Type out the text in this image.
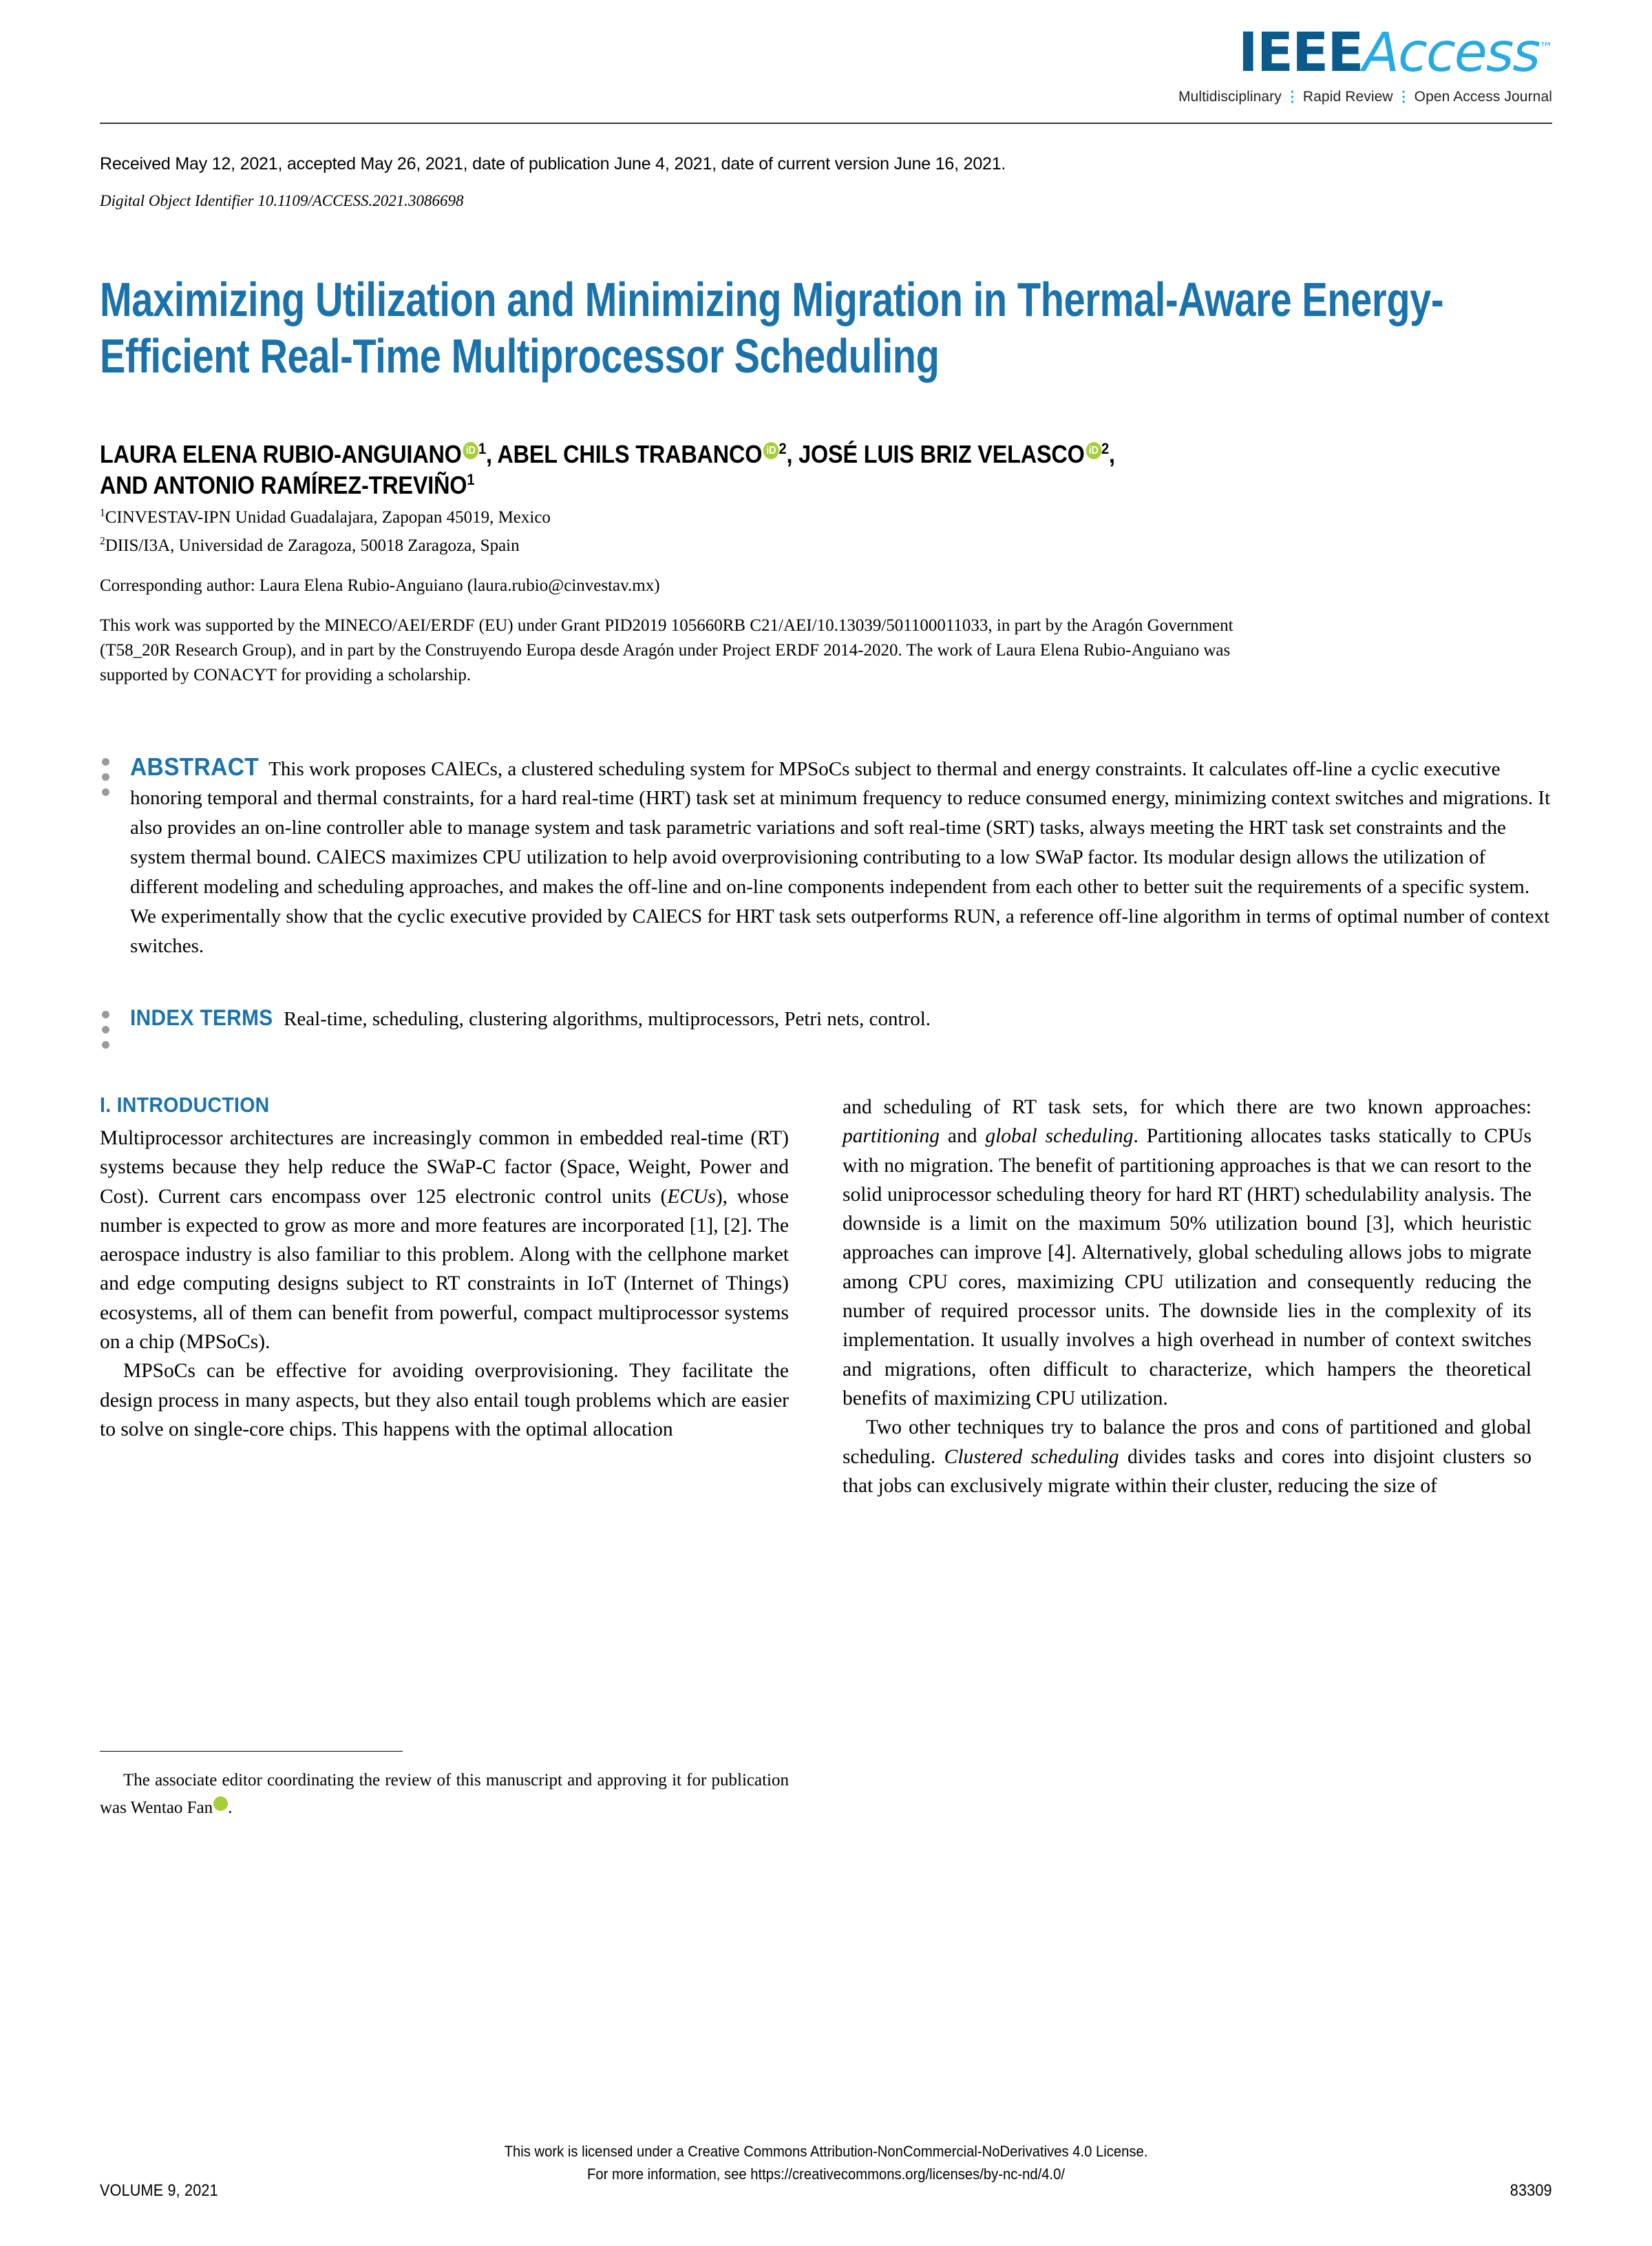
IEEEAccess™
Multidisciplinary ⋮ Rapid Review ⋮ Open Access Journal
Received May 12, 2021, accepted May 26, 2021, date of publication June 4, 2021, date of current version June 16, 2021.
Digital Object Identifier 10.1109/ACCESS.2021.3086698
Maximizing Utilization and Minimizing Migration in Thermal-Aware Energy-Efficient Real-Time Multiprocessor Scheduling
LAURA ELENA RUBIO-ANGUIANO iD $^1$, ABEL CHILS TRABANCO iD $^2$, JOSÉ LUIS BRIZ VELASCO iD $^2$,
AND ANTONIO RAMÍREZ-TREVIÑO$^1$
$^1$CINVESTAV-IPN Unidad Guadalajara, Zapopan 45019, Mexico
$^2$DIIS/I3A, Universidad de Zaragoza, 50018 Zaragoza, Spain
Corresponding author: Laura Elena Rubio-Anguiano (laura.rubio@cinvestav.mx)
This work was supported by the MINECO/AEI/ERDF (EU) under Grant PID2019 105660RB C21/AEI/10.13039/501100011033, in part by the Aragón Government (T58_20R Research Group), and in part by the Construyendo Europa desde Aragón under Project ERDF 2014-2020. The work of Laura Elena Rubio-Anguiano was supported by CONACYT for providing a scholarship.

ABSTRACT This work proposes CAlECs, a clustered scheduling system for MPSoCs subject to thermal and energy constraints. It calculates off-line a cyclic executive honoring temporal and thermal constraints, for a hard real-time (HRT) task set at minimum frequency to reduce consumed energy, minimizing context switches and migrations. It also provides an on-line controller able to manage system and task parametric variations and soft real-time (SRT) tasks, always meeting the HRT task set constraints and the system thermal bound. CAlECS maximizes CPU utilization to help avoid overprovisioning contributing to a low SWaP factor. Its modular design allows the utilization of different modeling and scheduling approaches, and makes the off-line and on-line components independent from each other to better suit the requirements of a specific system. We experimentally show that the cyclic executive provided by CAlECS for HRT task sets outperforms RUN, a reference off-line algorithm in terms of optimal number of context switches.

INDEX TERMS Real-time, scheduling, clustering algorithms, multiprocessors, Petri nets, control.

I. INTRODUCTION

Multiprocessor architectures are increasingly common in embedded real-time (RT) systems because they help reduce the SWaP-C factor (Space, Weight, Power and Cost). Current cars encompass over 125 electronic control units (ECUs), whose number is expected to grow as more and more features are incorporated [1], [2]. The aerospace industry is also familiar to this problem. Along with the cellphone market and edge computing designs subject to RT constraints in IoT (Internet of Things) ecosystems, all of them can benefit from powerful, compact multiprocessor systems on a chip (MPSoCs).

MPSoCs can be effective for avoiding overprovisioning. They facilitate the design process in many aspects, but they also entail tough problems which are easier to solve on single-core chips. This happens with the optimal allocation

The associate editor coordinating the review of this manuscript and approving it for publication was Wentao Fan	iD.

and scheduling of RT task sets, for which there are two known approaches: partitioning and global scheduling. Partitioning allocates tasks statically to CPUs with no migration. The benefit of partitioning approaches is that we can resort to the solid uniprocessor scheduling theory for hard RT (HRT) schedulability analysis. The downside is a limit on the maximum 50% utilization bound [3], which heuristic approaches can improve [4]. Alternatively, global scheduling allows jobs to migrate among CPU cores, maximizing CPU utilization and consequently reducing the number of required processor units. The downside lies in the complexity of its implementation. It usually involves a high overhead in number of context switches and migrations, often difficult to characterize, which hampers the theoretical benefits of maximizing CPU utilization.

Two other techniques try to balance the pros and cons of partitioned and global scheduling. Clustered scheduling divides tasks and cores into disjoint clusters so that jobs can exclusively migrate within their cluster, reducing the size of

This work is licensed under a Creative Commons Attribution-NonCommercial-NoDerivatives 4.0 License.
For more information, see https://creativecommons.org/licenses/by-nc-nd/4.0/
VOLUME 9, 2021	83309
